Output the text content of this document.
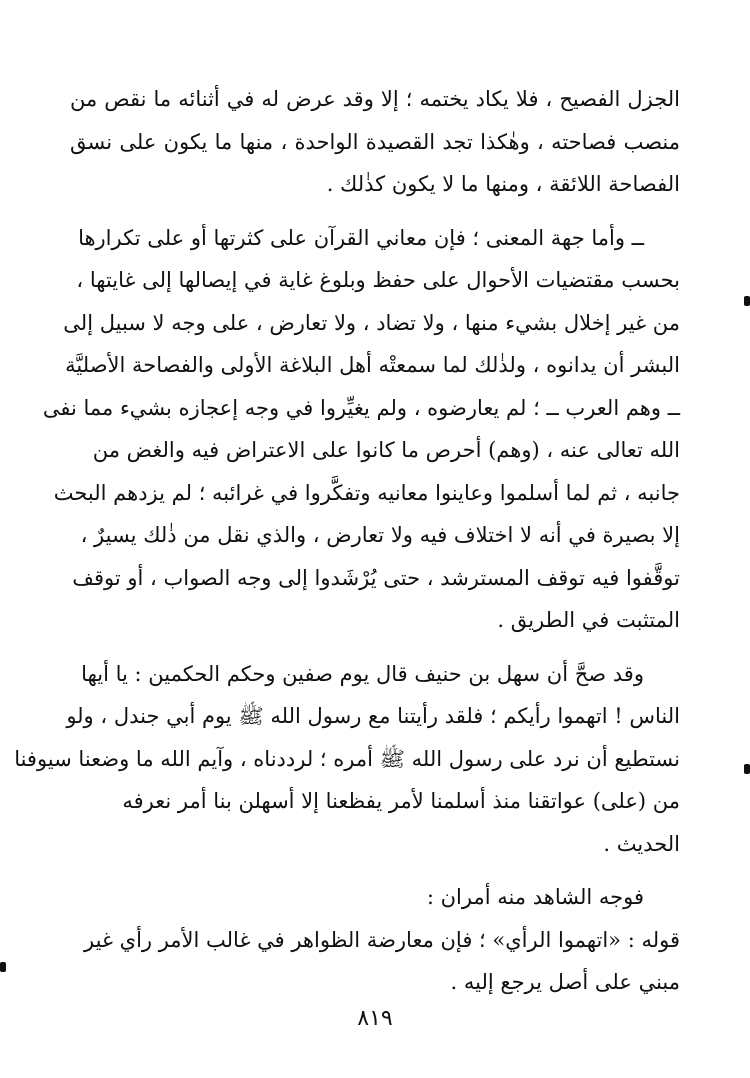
الجزل الفصيح ، فلا يكاد يختمه ؛ إلا وقد عرض له في أثنائه ما نقص من
منصب فصاحته ، وهٰكذا تجد القصيدة الواحدة ، منها ما يكون على نسق
الفصاحة اللائقة ، ومنها ما لا يكون كذٰلك .

ــ وأما جهة المعنى ؛ فإن معاني القرآن على كثرتها أو على تكرارها
بحسب مقتضيات الأحوال على حفظ وبلوغ غاية في إيصالها إلى غايتها ،
من غير إخلال بشيء منها ، ولا تضاد ، ولا تعارض ، على وجه لا سبيل إلى
البشر أن يدانوه ، ولذٰلك لما سمعتْه أهل البلاغة الأولى والفصاحة الأصليَّة
ــ وهم العرب ــ ؛ لم يعارضوه ، ولم يغيِّروا في وجه إعجازه بشيء مما نفى
الله تعالى عنه ، (وهم) أحرص ما كانوا على الاعتراض فيه والغض من
جانبه ، ثم لما أسلموا وعاينوا معانيه وتفكَّروا في غرائبه ؛ لم يزدهم البحث
إلا بصيرة في أنه لا اختلاف فيه ولا تعارض ، والذي نقل من ذٰلك يسيرٌ ،
توقَّفوا فيه توقف المسترشد ، حتى يُرْشَدوا إلى وجه الصواب ، أو توقف
المتثبت في الطريق .

وقد صحَّ أن سهل بن حنيف قال يوم صفين وحكم الحكمين : يا أيها
الناس ! اتهموا رأيكم ؛ فلقد رأيتنا مع رسول الله ﷺ يوم أبي جندل ، ولو
نستطيع أن نرد على رسول الله ﷺ أمره ؛ لرددناه ، وآيم الله ما وضعنا سيوفنا
من (على) عواتقنا منذ أسلمنا لأمر يفظعنا إلا أسهلن بنا أمر نعرفه
الحديث .

فوجه الشاهد منه أمران :

قوله : «اتهموا الرأي» ؛ فإن معارضة الظواهر في غالب الأمر رأي غير
مبني على أصل يرجع إليه .

٨١٩
